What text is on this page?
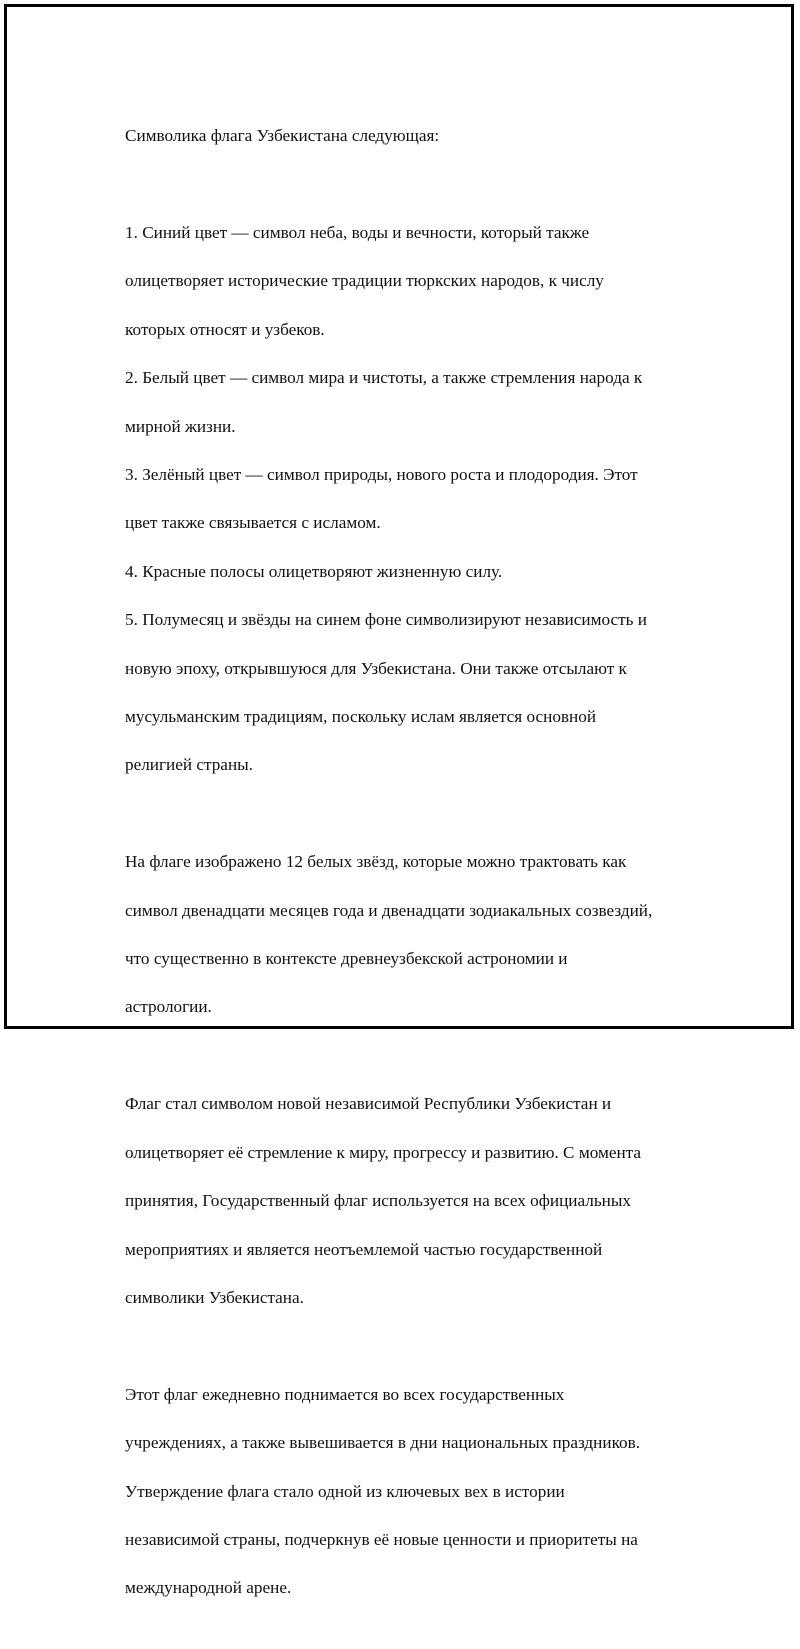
Символика флага Узбекистана следующая:

1. Синий цвет — символ неба, воды и вечности, который также

олицетворяет исторические традиции тюркских народов, к числу

которых относят и узбеков.

2. Белый цвет — символ мира и чистоты, а также стремления народа к

мирной жизни.

3. Зелёный цвет — символ природы, нового роста и плодородия. Этот

цвет также связывается с исламом.

4. Красные полосы олицетворяют жизненную силу.

5. Полумесяц и звёзды на синем фоне символизируют независимость и

новую эпоху, открывшуюся для Узбекистана. Они также отсылают к

мусульманским традициям, поскольку ислам является основной

религией страны.

На флаге изображено 12 белых звёзд, которые можно трактовать как

символ двенадцати месяцев года и двенадцати зодиакальных созвездий,

что существенно в контексте древнеузбекской астрономии и

астрологии.

Флаг стал символом новой независимой Республики Узбекистан и

олицетворяет её стремление к миру, прогрессу и развитию. С момента

принятия, Государственный флаг используется на всех официальных

мероприятиях и является неотъемлемой частью государственной

символики Узбекистана.

Этот флаг ежедневно поднимается во всех государственных

учреждениях, а также вывешивается в дни национальных праздников.

Утверждение флага стало одной из ключевых вех в истории

независимой страны, подчеркнув её новые ценности и приоритеты на

международной арене.
